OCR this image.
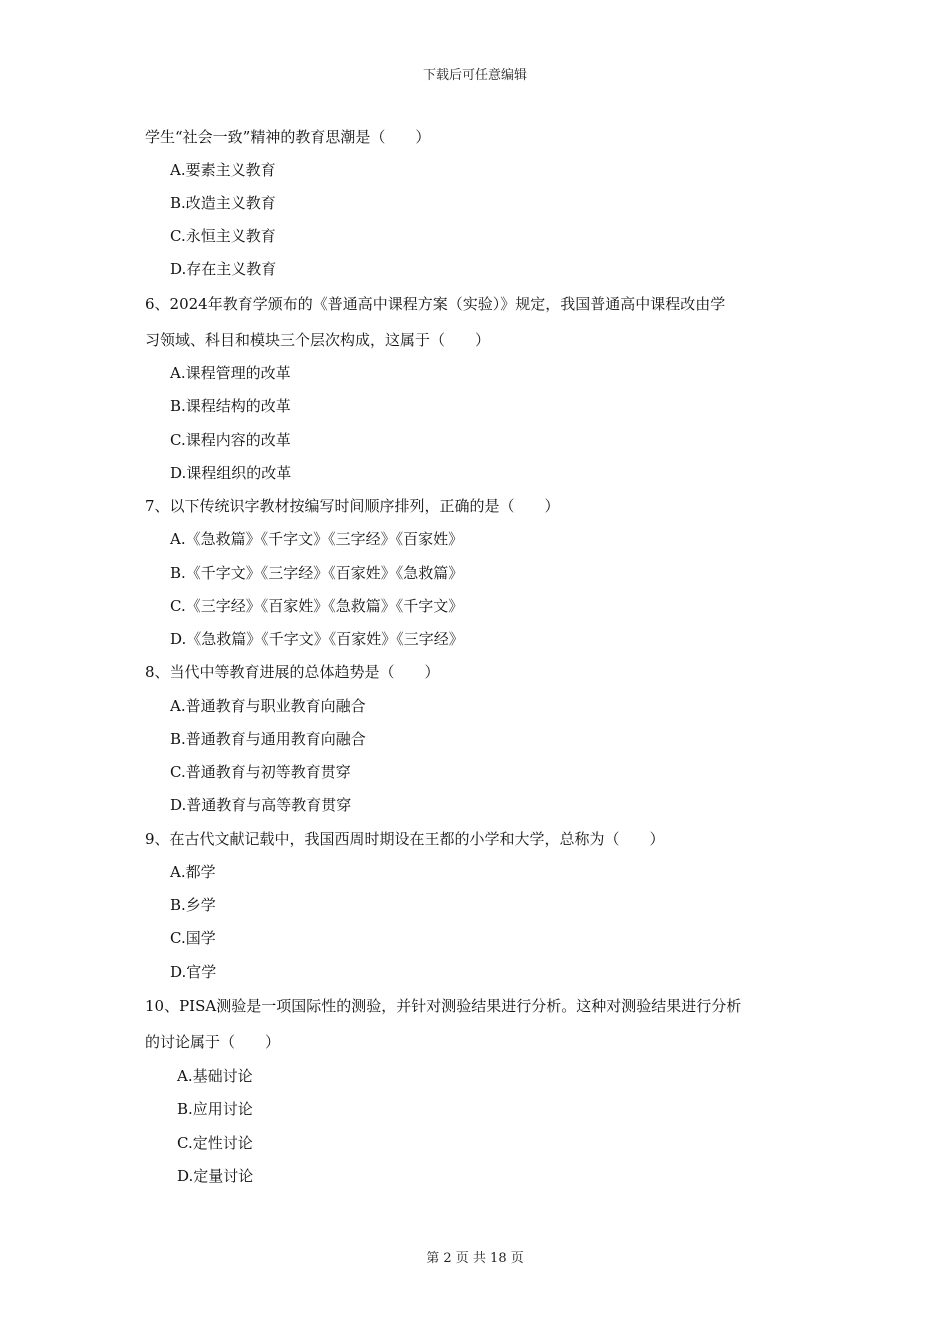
下载后可任意编辑
学生“社会一致”精神的教育思潮是（　　）
A.要素主义教育
B.改造主义教育
C.永恒主义教育
D.存在主义教育
6、2024年教育学颁布的《普通高中课程方案（实验）》规定，我国普通高中课程改由学
习领域、科目和模块三个层次构成，这属于（　　）
A.课程管理的改革
B.课程结构的改革
C.课程内容的改革
D.课程组织的改革
7、以下传统识字教材按编写时间顺序排列，正确的是（　　）
A.《急救篇》《千字文》《三字经》《百家姓》
B.《千字文》《三字经》《百家姓》《急救篇》
C.《三字经》《百家姓》《急救篇》《千字文》
D.《急救篇》《千字文》《百家姓》《三字经》
8、当代中等教育进展的总体趋势是（　　）
A.普通教育与职业教育向融合
B.普通教育与通用教育向融合
C.普通教育与初等教育贯穿
D.普通教育与高等教育贯穿
9、在古代文献记载中，我国西周时期设在王都的小学和大学，总称为（　　）
A.都学
B.乡学
C.国学
D.官学
10、PISA测验是一项国际性的测验，并针对测验结果进行分析。这种对测验结果进行分析
的讨论属于（　　）
A.基础讨论
B.应用讨论
C.定性讨论
D.定量讨论
第 2 页 共 18 页
